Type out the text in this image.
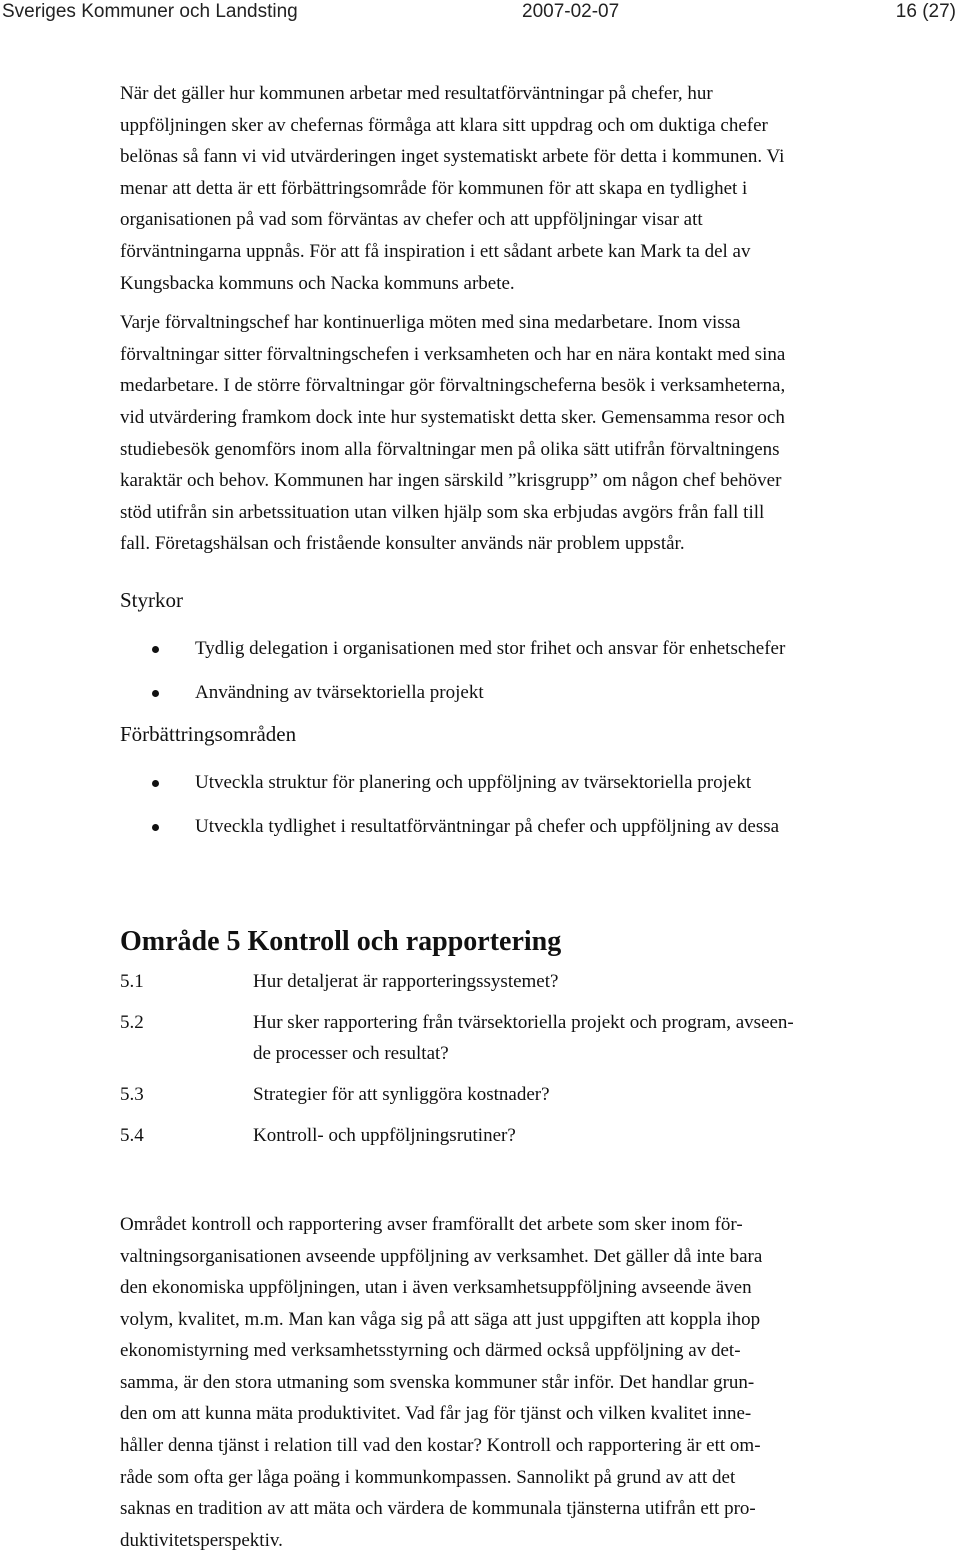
Sveriges Kommuner och Landsting	2007-02-07	16 (27)

När det gäller hur kommunen arbetar med resultatförväntningar på chefer, hur
uppföljningen sker av chefernas förmåga att klara sitt uppdrag och om duktiga chefer
belönas så fann vi vid utvärderingen inget systematiskt arbete för detta i kommunen. Vi
menar att detta är ett förbättringsområde för kommunen för att skapa en tydlighet i
organisationen på vad som förväntas av chefer och att uppföljningar visar att
förväntningarna uppnås. För att få inspiration i ett sådant arbete kan Mark ta del av
Kungsbacka kommuns och Nacka kommuns arbete.

Varje förvaltningschef har kontinuerliga möten med sina medarbetare. Inom vissa
förvaltningar sitter förvaltningschefen i verksamheten och har en nära kontakt med sina
medarbetare. I de större förvaltningar gör förvaltningscheferna besök i verksamheterna,
vid utvärdering framkom dock inte hur systematiskt detta sker. Gemensamma resor och
studiebesök genomförs inom alla förvaltningar men på olika sätt utifrån förvaltningens
karaktär och behov. Kommunen har ingen särskild ”krisgrupp” om någon chef behöver
stöd utifrån sin arbetssituation utan vilken hjälp som ska erbjudas avgörs från fall till
fall. Företagshälsan och fristående konsulter används när problem uppstår.

Styrkor
Tydlig delegation i organisationen med stor frihet och ansvar för enhetschefer
Användning av tvärsektoriella projekt
Förbättringsområden
Utveckla struktur för planering och uppföljning av tvärsektoriella projekt
Utveckla tydlighet i resultatförväntningar på chefer och uppföljning av dessa
Område 5 Kontroll och rapportering
5.1	Hur detaljerat är rapporteringssystemet?
5.2	Hur sker rapportering från tvärsektoriella projekt och program, avseen-
de processer och resultat?
5.3	Strategier för att synliggöra kostnader?
5.4	Kontroll- och uppföljningsrutiner?

Området kontroll och rapportering avser framförallt det arbete som sker inom för-
valtningsorganisationen avseende uppföljning av verksamhet. Det gäller då inte bara
den ekonomiska uppföljningen, utan i även verksamhetsuppföljning avseende även
volym, kvalitet, m.m. Man kan våga sig på att säga att just uppgiften att koppla ihop
ekonomistyrning med verksamhetsstyrning och därmed också uppföljning av det-
samma, är den stora utmaning som svenska kommuner står inför. Det handlar grun-
den om att kunna mäta produktivitet. Vad får jag för tjänst och vilken kvalitet inne-
håller denna tjänst i relation till vad den kostar? Kontroll och rapportering är ett om-
råde som ofta ger låga poäng i kommunkompassen. Sannolikt på grund av att det
saknas en tradition av att mäta och värdera de kommunala tjänsterna utifrån ett pro-
duktivitetsperspektiv.
